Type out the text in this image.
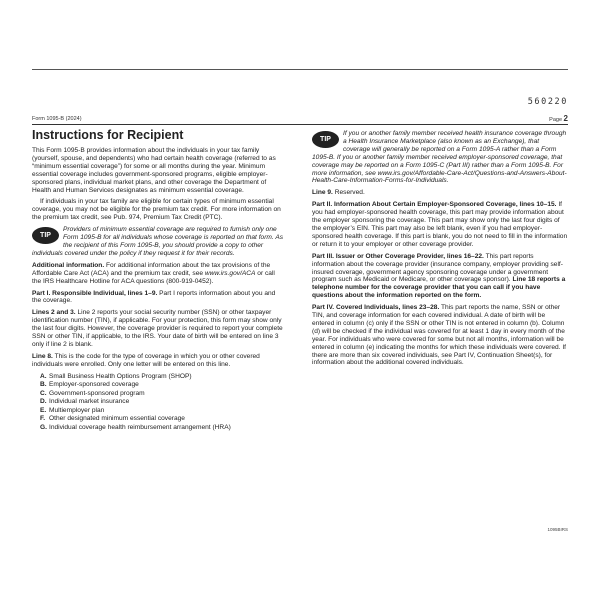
560220
Form 1095-B (2024)	Page 2
Instructions for Recipient

This Form 1095-B provides information about the individuals in your tax family (yourself, spouse, and dependents) who had certain health coverage (referred to as “minimum essential coverage”) for some or all months during the year. Minimum essential coverage includes government-sponsored programs, eligible employer-sponsored plans, individual market plans, and other coverage the Department of Health and Human Services designates as minimum essential coverage.

If individuals in your tax family are eligible for certain types of minimum essential coverage, you may not be eligible for the premium tax credit. For more information on the premium tax credit, see Pub. 974, Premium Tax Credit (PTC).

TIP
Providers of minimum essential coverage are required to furnish only one Form 1095-B for all individuals whose coverage is reported on that form. As the recipient of this Form 1095-B, you should provide a copy to other individuals covered under the policy if they request it for their records.

Additional information. For additional information about the tax provisions of the Affordable Care Act (ACA) and the premium tax credit, see www.irs.gov/ACA or call the IRS Healthcare Hotline for ACA questions (800-919-0452).

Part I. Responsible Individual, lines 1–9. Part I reports information about you and the coverage.

Lines 2 and 3. Line 2 reports your social security number (SSN) or other taxpayer identification number (TIN), if applicable. For your protection, this form may show only the last four digits. However, the coverage provider is required to report your complete SSN or other TIN, if applicable, to the IRS. Your date of birth will be entered on line 3 only if line 2 is blank.

Line 8. This is the code for the type of coverage in which you or other covered individuals were enrolled. Only one letter will be entered on this line.

A. Small Business Health Options Program (SHOP)
B. Employer-sponsored coverage
C. Government-sponsored program
D. Individual market insurance
E. Multiemployer plan
F. Other designated minimum essential coverage
G. Individual coverage health reimbursement arrangement (HRA)
TIP
If you or another family member received health insurance coverage through a Health Insurance Marketplace (also known as an Exchange), that coverage will generally be reported on a Form 1095-A rather than a Form 1095-B. If you or another family member received employer-sponsored coverage, that coverage may be reported on a Form 1095-C (Part III) rather than a Form 1095-B. For more information, see www.irs.gov/Affordable-Care-Act/Questions-and-Answers-About-Health-Care-Information-Forms-for-Individuals.

Line 9. Reserved.

Part II. Information About Certain Employer-Sponsored Coverage, lines 10–15. If you had employer-sponsored health coverage, this part may provide information about the employer sponsoring the coverage. This part may show only the last four digits of the employer’s EIN. This part may also be left blank, even if you had employer-sponsored health coverage. If this part is blank, you do not need to fill in the information or return it to your employer or other coverage provider.

Part III. Issuer or Other Coverage Provider, lines 16–22. This part reports information about the coverage provider (insurance company, employer providing self-insured coverage, government agency sponsoring coverage under a government program such as Medicaid or Medicare, or other coverage sponsor). Line 18 reports a telephone number for the coverage provider that you can call if you have questions about the information reported on the form.

Part IV. Covered Individuals, lines 23–28. This part reports the name, SSN or other TIN, and coverage information for each covered individual. A date of birth will be entered in column (c) only if the SSN or other TIN is not entered in column (b). Column (d) will be checked if the individual was covered for at least 1 day in every month of the year. For individuals who were covered for some but not all months, information will be entered in column (e) indicating the months for which these individuals were covered. If there are more than six covered individuals, see Part IV, Continuation Sheet(s), for information about the additional covered individuals.

1095BIRS
